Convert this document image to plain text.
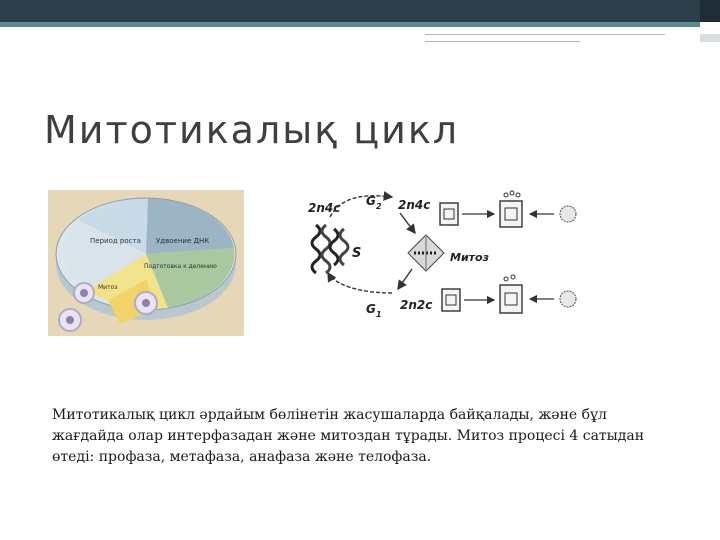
Митотикалық цикл
Период роста Удвоение ДНК
Подготовка к делению
Митоз
2n4c G 2 2n4c
S	Митоз
G 1
2n2c

Митотикалық цикл әрдайым бөлінетін жасушаларда байқалады, және бұл жағдайда олар интерфазадан және митоздан тұрады. Митоз процесі 4 сатыдан өтеді: профаза, метафаза, анафаза және телофаза.
